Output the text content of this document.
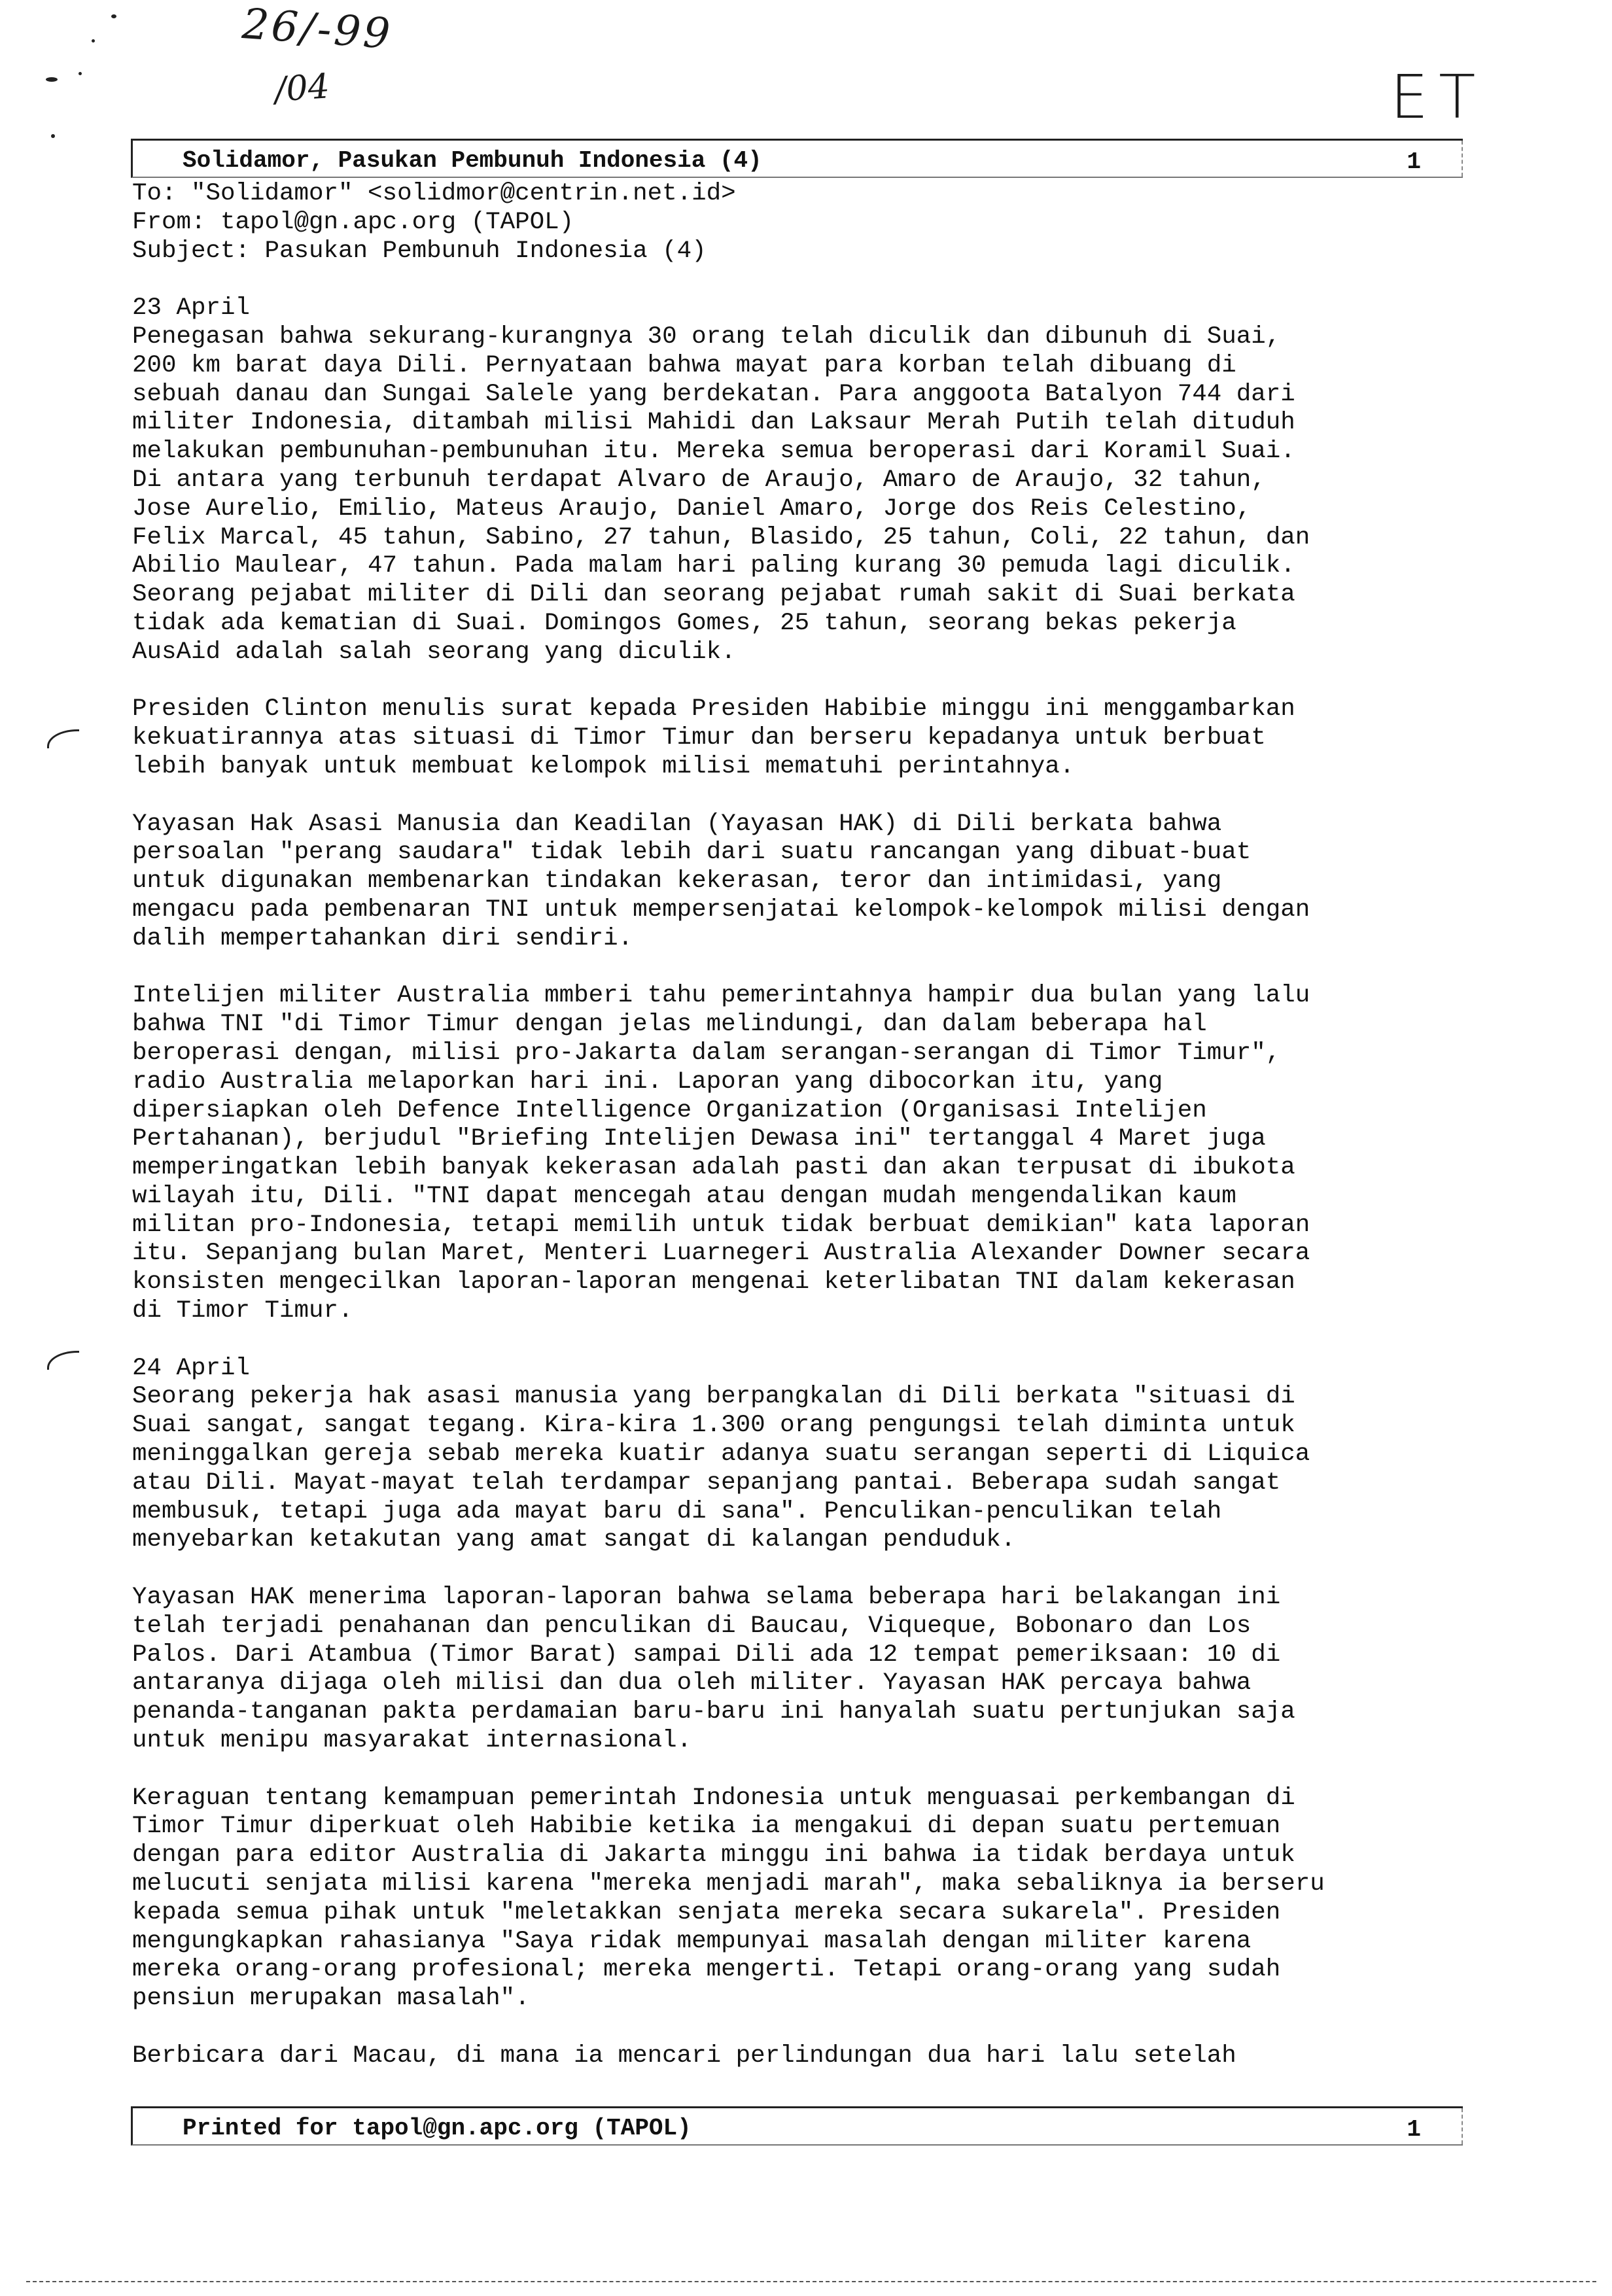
26/-99
/04	ET
Solidamor, Pasukan Pembunuh Indonesia (4)	1
To: "Solidamor" <solidmor@centrin.net.id>
From: tapol@gn.apc.org (TAPOL)
Subject: Pasukan Pembunuh Indonesia (4)
23 April
Penegasan bahwa sekurang-kurangnya 30 orang telah diculik dan dibunuh di Suai,
200 km barat daya Dili. Pernyataan bahwa mayat para korban telah dibuang di
sebuah danau dan Sungai Salele yang berdekatan. Para anggoota Batalyon 744 dari
militer Indonesia, ditambah milisi Mahidi dan Laksaur Merah Putih telah dituduh
melakukan pembunuhan-pembunuhan itu. Mereka semua beroperasi dari Koramil Suai.
Di antara yang terbunuh terdapat Alvaro de Araujo, Amaro de Araujo, 32 tahun,
Jose Aurelio, Emilio, Mateus Araujo, Daniel Amaro, Jorge dos Reis Celestino,
Felix Marcal, 45 tahun, Sabino, 27 tahun, Blasido, 25 tahun, Coli, 22 tahun, dan
Abilio Maulear, 47 tahun. Pada malam hari paling kurang 30 pemuda lagi diculik.
Seorang pejabat militer di Dili dan seorang pejabat rumah sakit di Suai berkata
tidak ada kematian di Suai. Domingos Gomes, 25 tahun, seorang bekas pekerja
AusAid adalah salah seorang yang diculik.
Presiden Clinton menulis surat kepada Presiden Habibie minggu ini menggambarkan
kekuatirannya atas situasi di Timor Timur dan berseru kepadanya untuk berbuat
lebih banyak untuk membuat kelompok milisi mematuhi perintahnya.
Yayasan Hak Asasi Manusia dan Keadilan (Yayasan HAK) di Dili berkata bahwa
persoalan "perang saudara" tidak lebih dari suatu rancangan yang dibuat-buat
untuk digunakan membenarkan tindakan kekerasan, teror dan intimidasi, yang
mengacu pada pembenaran TNI untuk mempersenjatai kelompok-kelompok milisi dengan
dalih mempertahankan diri sendiri.
Intelijen militer Australia mmberi tahu pemerintahnya hampir dua bulan yang lalu
bahwa TNI "di Timor Timur dengan jelas melindungi, dan dalam beberapa hal
beroperasi dengan, milisi pro-Jakarta dalam serangan-serangan di Timor Timur",
radio Australia melaporkan hari ini. Laporan yang dibocorkan itu, yang
dipersiapkan oleh Defence Intelligence Organization (Organisasi Intelijen
Pertahanan), berjudul "Briefing Intelijen Dewasa ini" tertanggal 4 Maret juga
memperingatkan lebih banyak kekerasan adalah pasti dan akan terpusat di ibukota
wilayah itu, Dili. "TNI dapat mencegah atau dengan mudah mengendalikan kaum
militan pro-Indonesia, tetapi memilih untuk tidak berbuat demikian" kata laporan
itu. Sepanjang bulan Maret, Menteri Luarnegeri Australia Alexander Downer secara
konsisten mengecilkan laporan-laporan mengenai keterlibatan TNI dalam kekerasan
di Timor Timur.
24 April
Seorang pekerja hak asasi manusia yang berpangkalan di Dili berkata "situasi di
Suai sangat, sangat tegang. Kira-kira 1.300 orang pengungsi telah diminta untuk
meninggalkan gereja sebab mereka kuatir adanya suatu serangan seperti di Liquica
atau Dili. Mayat-mayat telah terdampar sepanjang pantai. Beberapa sudah sangat
membusuk, tetapi juga ada mayat baru di sana". Penculikan-penculikan telah
menyebarkan ketakutan yang amat sangat di kalangan penduduk.
Yayasan HAK menerima laporan-laporan bahwa selama beberapa hari belakangan ini
telah terjadi penahanan dan penculikan di Baucau, Viqueque, Bobonaro dan Los
Palos. Dari Atambua (Timor Barat) sampai Dili ada 12 tempat pemeriksaan: 10 di
antaranya dijaga oleh milisi dan dua oleh militer. Yayasan HAK percaya bahwa
penanda-tanganan pakta perdamaian baru-baru ini hanyalah suatu pertunjukan saja
untuk menipu masyarakat internasional.
Keraguan tentang kemampuan pemerintah Indonesia untuk menguasai perkembangan di
Timor Timur diperkuat oleh Habibie ketika ia mengakui di depan suatu pertemuan
dengan para editor Australia di Jakarta minggu ini bahwa ia tidak berdaya untuk
melucuti senjata milisi karena "mereka menjadi marah", maka sebaliknya ia berseru
kepada semua pihak untuk "meletakkan senjata mereka secara sukarela". Presiden
mengungkapkan rahasianya "Saya ridak mempunyai masalah dengan militer karena
mereka orang-orang profesional; mereka mengerti. Tetapi orang-orang yang sudah
pensiun merupakan masalah".
Berbicara dari Macau, di mana ia mencari perlindungan dua hari lalu setelah
Printed for tapol@gn.apc.org (TAPOL)	1
